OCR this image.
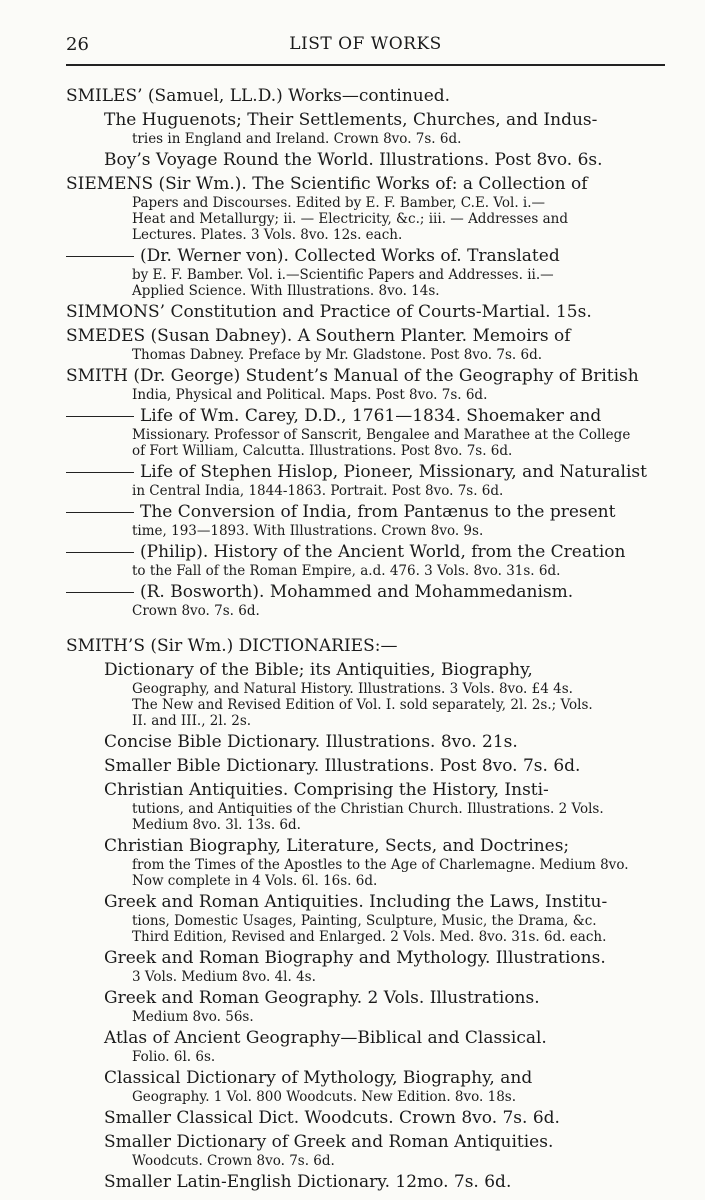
26	LIST OF WORKS
SMILES’ (Samuel, LL.D.) Works—continued.
The Huguenots; Their Settlements, Churches, and Indus-
tries in England and Ireland. Crown 8vo. 7s. 6d.
Boy’s Voyage Round the World. Illustrations. Post 8vo. 6s.
SIEMENS (Sir Wm.). The Scientific Works of: a Collection of
Papers and Discourses. Edited by E. F. Bamber, C.E. Vol. i.—
Heat and Metallurgy; ii. — Electricity, &c.; iii. — Addresses and
Lectures. Plates. 3 Vols. 8vo. 12s. each.
(Dr. Werner von). Collected Works of. Translated
by E. F. Bamber. Vol. i.—Scientific Papers and Addresses. ii.—
Applied Science. With Illustrations. 8vo. 14s.
SIMMONS’ Constitution and Practice of Courts-Martial. 15s.
SMEDES (Susan Dabney). A Southern Planter. Memoirs of
Thomas Dabney. Preface by Mr. Gladstone. Post 8vo. 7s. 6d.
SMITH (Dr. George) Student’s Manual of the Geography of British
India, Physical and Political. Maps. Post 8vo. 7s. 6d.
Life of Wm. Carey, D.D., 1761—1834. Shoemaker and
Missionary. Professor of Sanscrit, Bengalee and Marathee at the College
of Fort William, Calcutta. Illustrations. Post 8vo. 7s. 6d.
Life of Stephen Hislop, Pioneer, Missionary, and Naturalist
in Central India, 1844-1863. Portrait. Post 8vo. 7s. 6d.
The Conversion of India, from Pantænus to the present
time, 193—1893. With Illustrations. Crown 8vo. 9s.
(Philip). History of the Ancient World, from the Creation
to the Fall of the Roman Empire, a.d. 476. 3 Vols. 8vo. 31s. 6d.
(R. Bosworth). Mohammed and Mohammedanism.
Crown 8vo. 7s. 6d.
SMITH’S (Sir Wm.) DICTIONARIES:—
Dictionary of the Bible; its Antiquities, Biography,
Geography, and Natural History. Illustrations. 3 Vols. 8vo. £4 4s.
The New and Revised Edition of Vol. I. sold separately, 2l. 2s.; Vols.
II. and III., 2l. 2s.
Concise Bible Dictionary. Illustrations. 8vo. 21s.
Smaller Bible Dictionary. Illustrations. Post 8vo. 7s. 6d.
Christian Antiquities. Comprising the History, Insti-
tutions, and Antiquities of the Christian Church. Illustrations. 2 Vols.
Medium 8vo. 3l. 13s. 6d.
Christian Biography, Literature, Sects, and Doctrines;
from the Times of the Apostles to the Age of Charlemagne. Medium 8vo.
Now complete in 4 Vols. 6l. 16s. 6d.
Greek and Roman Antiquities. Including the Laws, Institu-
tions, Domestic Usages, Painting, Sculpture, Music, the Drama, &c.
Third Edition, Revised and Enlarged. 2 Vols. Med. 8vo. 31s. 6d. each.
Greek and Roman Biography and Mythology. Illustrations.
3 Vols. Medium 8vo. 4l. 4s.
Greek and Roman Geography. 2 Vols. Illustrations.
Medium 8vo. 56s.
Atlas of Ancient Geography—Biblical and Classical.
Folio. 6l. 6s.
Classical Dictionary of Mythology, Biography, and
Geography. 1 Vol. 800 Woodcuts. New Edition. 8vo. 18s.
Smaller Classical Dict. Woodcuts. Crown 8vo. 7s. 6d.
Smaller Dictionary of Greek and Roman Antiquities.
Woodcuts. Crown 8vo. 7s. 6d.
Smaller Latin-English Dictionary. 12mo. 7s. 6d.
